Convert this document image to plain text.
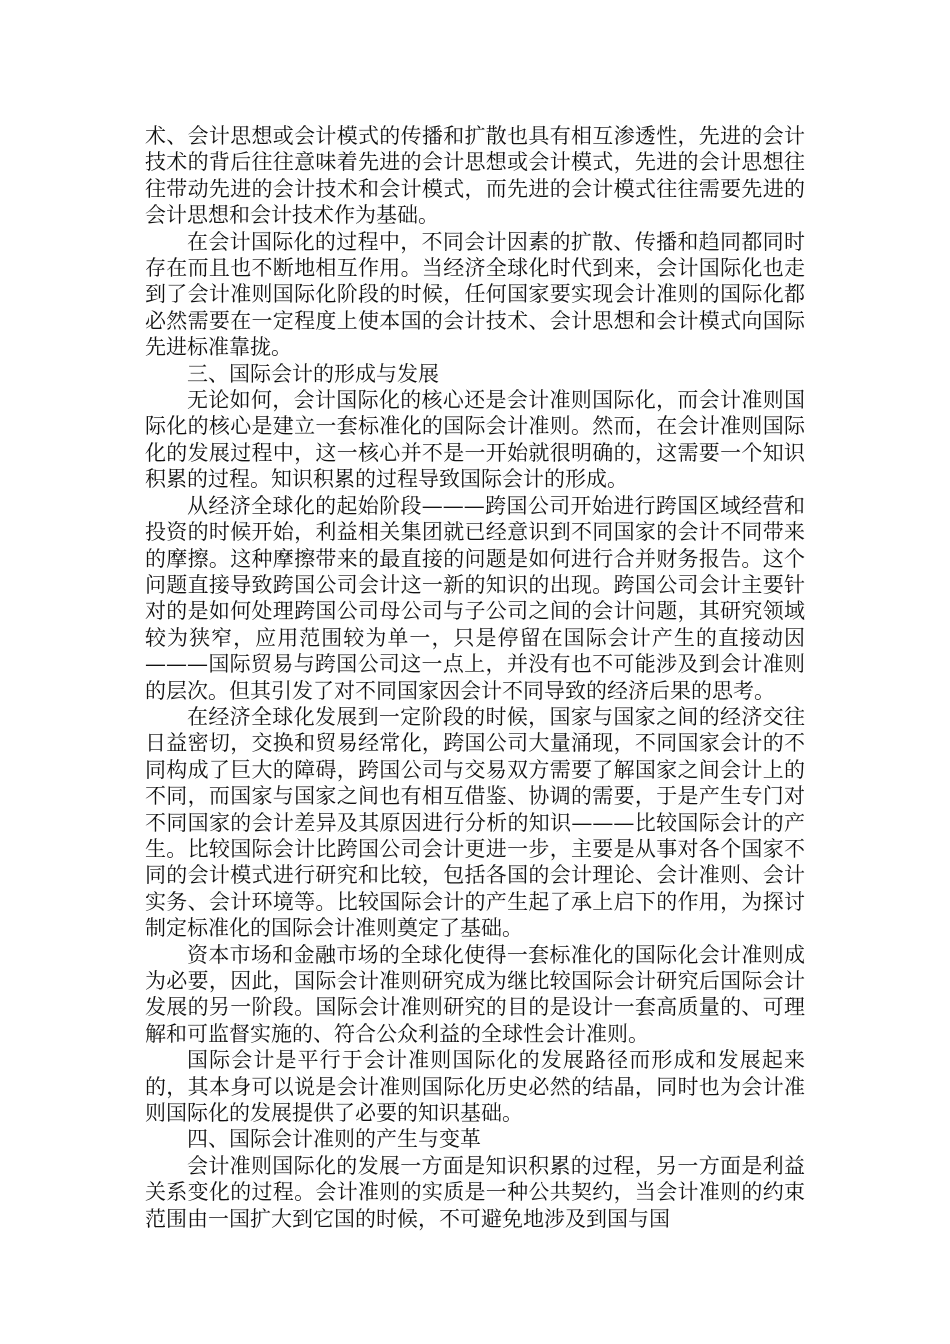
术、会计思想或会计模式的传播和扩散也具有相互渗透性，先进的会计技术的背后往往意味着先进的会计思想或会计模式，先进的会计思想往往带动先进的会计技术和会计模式，而先进的会计模式往往需要先进的会计思想和会计技术作为基础。

在会计国际化的过程中，不同会计因素的扩散、传播和趋同都同时存在而且也不断地相互作用。当经济全球化时代到来，会计国际化也走到了会计准则国际化阶段的时候，任何国家要实现会计准则的国际化都必然需要在一定程度上使本国的会计技术、会计思想和会计模式向国际先进标准靠拢。

三、国际会计的形成与发展

无论如何，会计国际化的核心还是会计准则国际化，而会计准则国际化的核心是建立一套标准化的国际会计准则。然而，在会计准则国际化的发展过程中，这一核心并不是一开始就很明确的，这需要一个知识积累的过程。知识积累的过程导致国际会计的形成。

从经济全球化的起始阶段———跨国公司开始进行跨国区域经营和投资的时候开始，利益相关集团就已经意识到不同国家的会计不同带来的摩擦。这种摩擦带来的最直接的问题是如何进行合并财务报告。这个问题直接导致跨国公司会计这一新的知识的出现。跨国公司会计主要针对的是如何处理跨国公司母公司与子公司之间的会计问题，其研究领域较为狭窄，应用范围较为单一，只是停留在国际会计产生的直接动因———国际贸易与跨国公司这一点上，并没有也不可能涉及到会计准则的层次。但其引发了对不同国家因会计不同导致的经济后果的思考。

在经济全球化发展到一定阶段的时候，国家与国家之间的经济交往日益密切，交换和贸易经常化，跨国公司大量涌现，不同国家会计的不同构成了巨大的障碍，跨国公司与交易双方需要了解国家之间会计上的不同，而国家与国家之间也有相互借鉴、协调的需要，于是产生专门对不同国家的会计差异及其原因进行分析的知识———比较国际会计的产生。比较国际会计比跨国公司会计更进一步，主要是从事对各个国家不同的会计模式进行研究和比较，包括各国的会计理论、会计准则、会计实务、会计环境等。比较国际会计的产生起了承上启下的作用，为探讨制定标准化的国际会计准则奠定了基础。

资本市场和金融市场的全球化使得一套标准化的国际化会计准则成为必要，因此，国际会计准则研究成为继比较国际会计研究后国际会计发展的另一阶段。国际会计准则研究的目的是设计一套高质量的、可理解和可监督实施的、符合公众利益的全球性会计准则。

国际会计是平行于会计准则国际化的发展路径而形成和发展起来的，其本身可以说是会计准则国际化历史必然的结晶，同时也为会计准则国际化的发展提供了必要的知识基础。

四、国际会计准则的产生与变革

会计准则国际化的发展一方面是知识积累的过程，另一方面是利益关系变化的过程。会计准则的实质是一种公共契约，当会计准则的约束范围由一国扩大到它国的时候，不可避免地涉及到国与国
